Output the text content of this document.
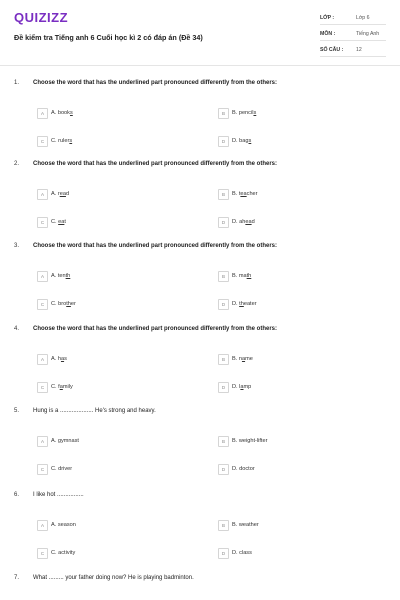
QUIZIZZ
Đề kiểm tra Tiếng anh 6 Cuối học kì 2 có đáp án (Đề 34)
LỚP :	Lớp 6
MÔN :	Tiếng Anh
SỐ CÂU : 12
1. Choose the word that has the underlined part pronounced differently from the others:
A	A. books	B	B. pencils
C	C. rulers	D	D. bags
2. Choose the word that has the underlined part pronounced differently from the others:
A	A. read	B	B. teacher
C	C. eat	D	D. ahead
3. Choose the word that has the underlined part pronounced differently from the others:
A	A. tenth	B	B. math
C	C. brother	D	D. theater
4. Choose the word that has the underlined part pronounced differently from the others:
A	A. has	B	B. name
C	C. family	D	D. lamp
5. Hung is a .................... He's strong and heavy.
A	A. gymnast	B	B. weight-lifter
C	C. driver	D	D. doctor
6. I like hot ................
A	A. season	B	B. weather
C	C. activity	D	D. class
7. What ......... your father doing now? He is playing badminton.
